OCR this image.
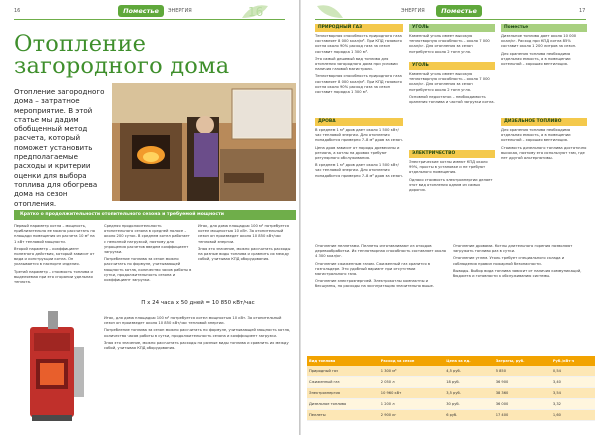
16	Поместье	ЭНЕРГИЯ	16
Отопление
загородного дома
Отопление загородного дома – затратное мероприятие. В этой статье мы дадим обобщенный метод расчета, который поможет установить предполагаемые расходы и критерии оценки для выбора топлива для обогрева дома на сезон отопления.
Кратко о продолжительности отопительного сезона и требуемой мощности

Первый параметр котла – мощность, приблизительно ее можно рассчитать по площади помещения из расчета 10 м² на 1 кВт тепловой мощности.

Второй параметр – коэффициент полезного действия, который зависит от вида и конструкции котла. Он указывается в паспорте изделия.

Третий параметр – стоимость топлива и выделяемая при его сгорании удельная теплота.

Средняя продолжительность отопительного сезона в средней полосе – около 200 суток. В среднем котел работает с неполной нагрузкой, поэтому для упрощения расчетов введем коэффициент загрузки.

Потребление топлива за сезон можно рассчитать по формуле, учитывающей мощность котла, количество часов работы в сутки, продолжительность сезона и коэффициент загрузки.

Итак, для дома площадью 100 м² потребуется котел мощностью 10 кВт. За отопительный сезон он произведет около 10 850 кВт/час тепловой энергии.

Зная это значение, можно рассчитать расходы на разные виды топлива и сравнить их между собой, учитывая КПД оборудования.

П х 24 часа х 50 дней = 10 850 кВт/час

Итак, для дома площадью 100 м² потребуется котел мощностью 10 кВт. За отопительный сезон он произведет около 10 850 кВт/час тепловой энергии.

Потребление топлива за сезон можно рассчитать по формуле, учитывающей мощность котла, количество часов работы в сутки, продолжительность сезона и коэффициент загрузки.

Зная это значение, можно рассчитать расходы на разные виды топлива и сравнить их между собой, учитывая КПД оборудования.

ЭНЕРГИЯ	Поместье	17
ПРИРОДНЫЙ ГАЗ

Теплотворная способность природного газа составляет 8 000 ккал/м³. При КПД газового котла около 90% расход газа за сезон составит порядка 1 300 м³.

Это самый дешевый вид топлива для отопления загородного дома при условии наличия газовой магистрали.

Теплотворная способность природного газа составляет 8 000 ккал/м³. При КПД газового котла около 90% расход газа за сезон составит порядка 1 300 м³.

ДРОВА

В среднем 1 м³ дров дает около 1 500 кВт/час тепловой энергии. Для отопления понадобится примерно 7–8 м³ дров за сезон.

Цена дров зависит от породы древесины и региона, а котлы на дровах требуют регулярного обслуживания.

В среднем 1 м³ дров дает около 1 500 кВт/час тепловой энергии. Для отопления понадобится примерно 7–8 м³ дров за сезон.

УГОЛЬ

Каменный уголь имеет высокую теплотворную способность – около 7 000 ккал/кг. Для отопления за сезон потребуется около 2 тонн угля.

УГОЛЬ

Каменный уголь имеет высокую теплотворную способность – около 7 000 ккал/кг. Для отопления за сезон потребуется около 2 тонн угля.

Основной недостаток – необходимость хранения топлива и частой загрузки котла.

ЭЛЕКТРИЧЕСТВО

Электрические котлы имеют КПД около 99%, просты в установке и не требуют отдельного помещения.

Однако стоимость электроэнергии делает этот вид отопления одним из самых дорогих.

Поместье

Дизельное топливо дает около 10 000 ккал/кг. Расход при КПД котла 85% составит около 1 200 литров за сезон.

Для хранения топлива необходима отдельная емкость, а в помещении котельной – хорошая вентиляция.

ДИЗЕЛЬНОЕ ТОПЛИВО

Для хранения топлива необходима отдельная емкость, а в помещении котельной – хорошая вентиляция.

Стоимость дизельного топлива достаточно высокая, поэтому его используют там, где нет другой альтернативы.

Отопление пеллетами. Пеллеты изготавливают из отходов деревообработки. Их теплотворная способность составляет около 4 300 ккал/кг.

Отопление сжиженным газом. Сжиженный газ хранится в газгольдере. Это удобный вариант при отсутствии магистрального газа.

Отопление электроэнергией. Электрокотлы компактны и бесшумны, но расходы на эксплуатацию значительно выше.

Отопление дровами. Котлы длительного горения позволяют загружать топливо раз в сутки.

Отопление углем. Уголь требует специального склада и соблюдения правил пожарной безопасности.

Выводы. Выбор вида топлива зависит от наличия коммуникаций, бюджета и готовности к обслуживанию системы.

Вид топлива	Расход за сезон	Цена за ед.	Затраты, руб.	Руб./кВт·ч
Природный газ	1 300 м³	4,5 руб.	5 850	0,54
Сжиженный газ	2 050 л	18 руб.	36 900	3,40
Электроэнергия	10 960 кВт	3,5 руб.	38 360	3,54
Дизельное топливо	1 200 л	30 руб.	36 000	3,32
Пеллеты	2 900 кг	6 руб.	17 400	1,60
